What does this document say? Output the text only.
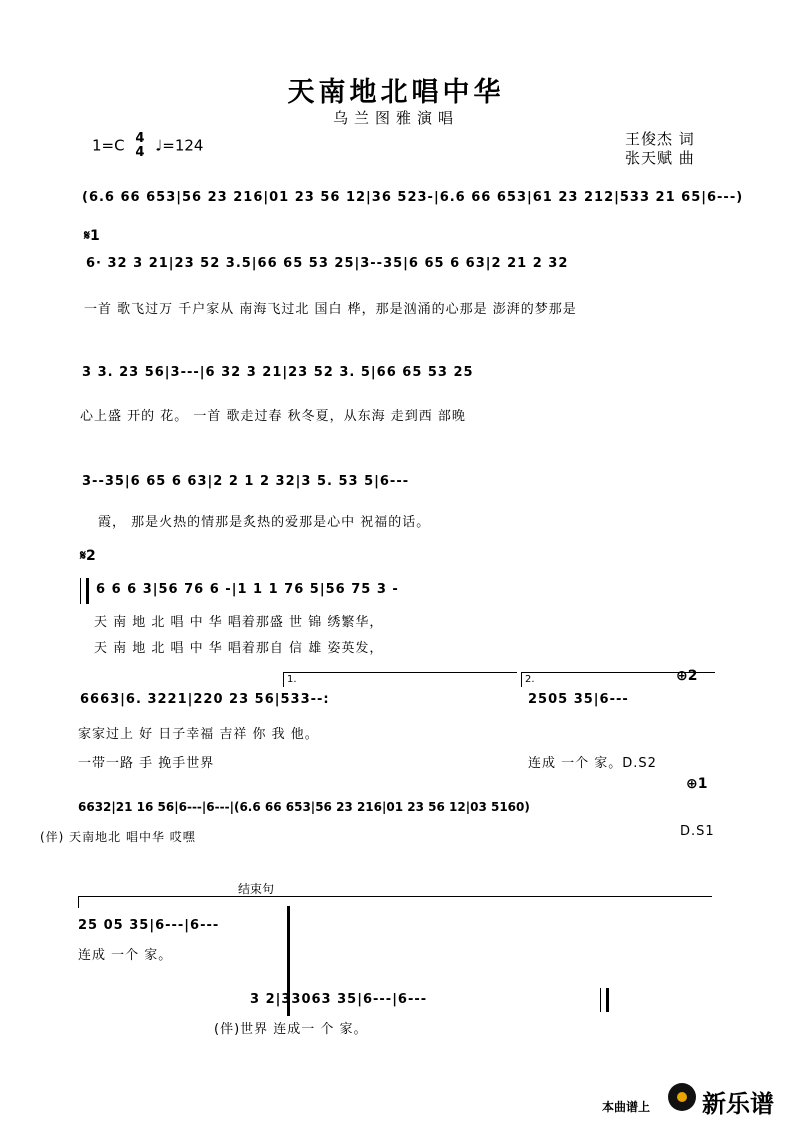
天南地北唱中华
乌兰图雅演唱
1=C 4
4 ♩=124	王俊杰 词
张天赋 曲
(6.6 66 653|56 23 216|01 23 56 12|36 523-|6.6 66 653|61 23 212|533 21 65|6---)
𝄋1
6· 32 3 21|23 52 3.5|66 65 53 25|3--35|6 65 6 63|2 21 2 32
一首 歌飞过万 千户家从 南海飞过北 国白 桦，那是汹涌的心那是 澎湃的梦那是
3 3. 23 56|3---|6 32 3 21|23 52 3. 5|66 65 53 25
心上盛 开的 花。 一首 歌走过春 秋冬夏，从东海 走到西 部晚
3--35|6 65 6 63|2 2 1 2 32|3 5. 53 5|6---
霞， 那是火热的情那是炙热的爱那是心中 祝福的话。
𝄋2
6 6 6 3|56 76 6 -|1 1 1 76 5|56 75 3 -
天 南 地 北 唱 中 华 唱着那盛 世 锦 绣繁华，
天 南 地 北 唱 中 华 唱着那自 信 雄 姿英发，
1.	2.	⊕2
6663|6. 3221|220 23 56|533--:	2505 35|6---
家家过上 好 日子幸福 吉祥 你 我 他。
一带一路 手 挽手世界	连成 一个 家。D.S2
⊕1
6632|21 16 56|6---|6---|(6.6 66 653|56 23 216|01 23 56 12|03 5160)
(伴) 天南地北 唱中华 哎嘿	D.S1
结束句
25 05 35|6---|6---
连成 一个 家。
3 2|33063 35|6---|6---
(伴)世界 连成一 个 家。
本曲谱上 新乐谱
